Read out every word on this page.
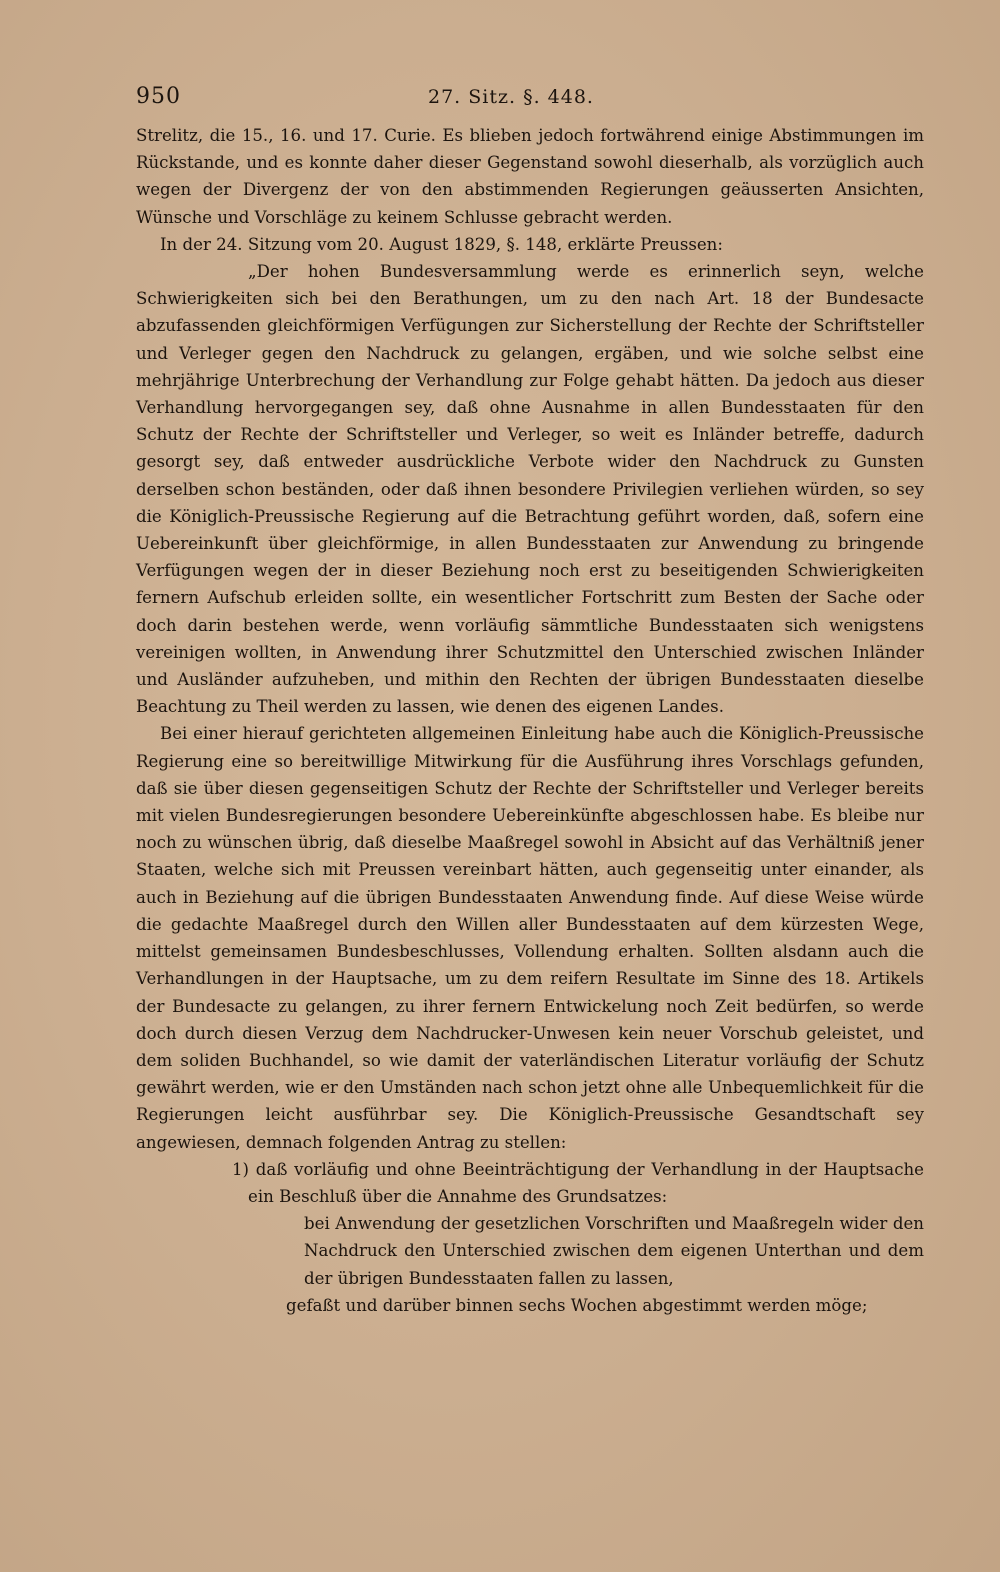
950	27. Sitz. §. 448.

Strelitz, die 15., 16. und 17. Curie. Es blieben jedoch fortwährend einige Abstimmungen im Rückstande, und es konnte daher dieser Gegenstand sowohl dieserhalb, als vorzüglich auch wegen der Divergenz der von den abstimmenden Regierungen geäusserten Ansichten, Wünsche und Vorschläge zu keinem Schlusse gebracht werden.

In der 24. Sitzung vom 20. August 1829, §. 148, erklärte Preussen:

„Der hohen Bundesversammlung werde es erinnerlich seyn, welche Schwierigkeiten sich bei den Berathungen, um zu den nach Art. 18 der Bundesacte abzufassenden gleichförmigen Verfügungen zur Sicherstellung der Rechte der Schriftsteller und Verleger gegen den Nachdruck zu gelangen, ergäben, und wie solche selbst eine mehrjährige Unterbrechung der Verhandlung zur Folge gehabt hätten. Da jedoch aus dieser Verhandlung hervorgegangen sey, daß ohne Ausnahme in allen Bundesstaaten für den Schutz der Rechte der Schriftsteller und Verleger, so weit es Inländer betreffe, dadurch gesorgt sey, daß entweder ausdrückliche Verbote wider den Nachdruck zu Gunsten derselben schon beständen, oder daß ihnen besondere Privilegien verliehen würden, so sey die Königlich-Preussische Regierung auf die Betrachtung geführt worden, daß, sofern eine Uebereinkunft über gleichförmige, in allen Bundesstaaten zur Anwendung zu bringende Verfügungen wegen der in dieser Beziehung noch erst zu beseitigenden Schwierigkeiten fernern Aufschub erleiden sollte, ein wesentlicher Fortschritt zum Besten der Sache oder doch darin bestehen werde, wenn vorläufig sämmtliche Bundesstaaten sich wenigstens vereinigen wollten, in Anwendung ihrer Schutzmittel den Unterschied zwischen Inländer und Ausländer aufzuheben, und mithin den Rechten der übrigen Bundesstaaten dieselbe Beachtung zu Theil werden zu lassen, wie denen des eigenen Landes.

Bei einer hierauf gerichteten allgemeinen Einleitung habe auch die Königlich-Preussische Regierung eine so bereitwillige Mitwirkung für die Ausführung ihres Vorschlags gefunden, daß sie über diesen gegenseitigen Schutz der Rechte der Schriftsteller und Verleger bereits mit vielen Bundesregierungen besondere Uebereinkünfte abgeschlossen habe. Es bleibe nur noch zu wünschen übrig, daß dieselbe Maaßregel sowohl in Absicht auf das Verhältniß jener Staaten, welche sich mit Preussen vereinbart hätten, auch gegenseitig unter einander, als auch in Beziehung auf die übrigen Bundesstaaten Anwendung finde. Auf diese Weise würde die gedachte Maaßregel durch den Willen aller Bundesstaaten auf dem kürzesten Wege, mittelst gemeinsamen Bundesbeschlusses, Vollendung erhalten. Sollten alsdann auch die Verhandlungen in der Hauptsache, um zu dem reifern Resultate im Sinne des 18. Artikels der Bundesacte zu gelangen, zu ihrer fernern Entwickelung noch Zeit bedürfen, so werde doch durch diesen Verzug dem Nachdrucker-Unwesen kein neuer Vorschub geleistet, und dem soliden Buchhandel, so wie damit der vaterländischen Literatur vorläufig der Schutz gewährt werden, wie er den Umständen nach schon jetzt ohne alle Unbequemlichkeit für die Regierungen leicht ausführbar sey. Die Königlich-Preussische Gesandtschaft sey angewiesen, demnach folgenden Antrag zu stellen:

1) daß vorläufig und ohne Beeinträchtigung der Verhandlung in der Hauptsache ein Beschluß über die Annahme des Grundsatzes:

bei Anwendung der gesetzlichen Vorschriften und Maaßregeln wider den Nachdruck den Unterschied zwischen dem eigenen Unterthan und dem der übrigen Bundesstaaten fallen zu lassen,

gefaßt und darüber binnen sechs Wochen abgestimmt werden möge;
